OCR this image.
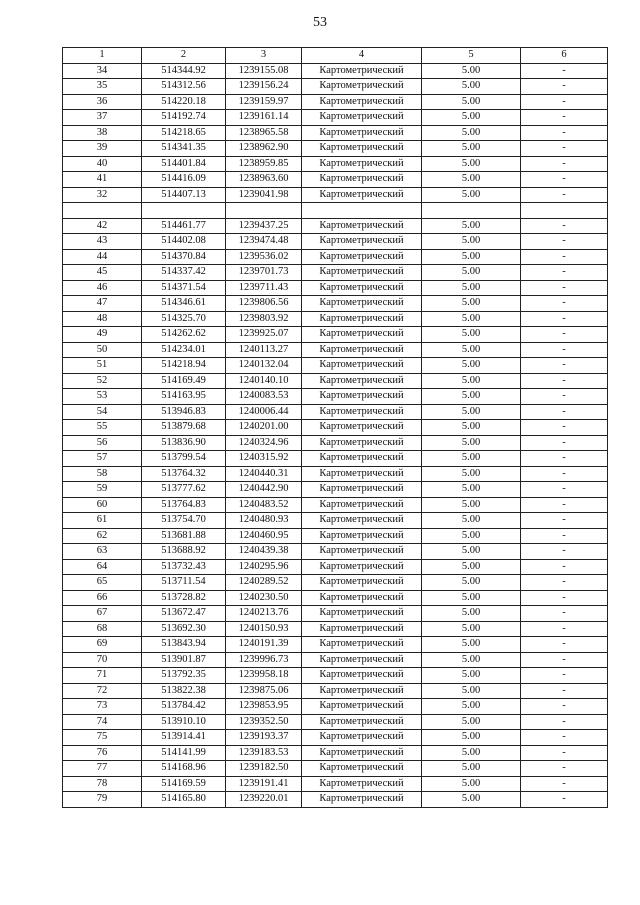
53
1	2	3	4	5	6
34	514344.92	1239155.08	Картометрический	5.00	-
35	514312.56	1239156.24	Картометрический	5.00	-
36	514220.18	1239159.97	Картометрический	5.00	-
37	514192.74	1239161.14	Картометрический	5.00	-
38	514218.65	1238965.58	Картометрический	5.00	-
39	514341.35	1238962.90	Картометрический	5.00	-
40	514401.84	1238959.85	Картометрический	5.00	-
41	514416.09	1238963.60	Картометрический	5.00	-
32	514407.13	1239041.98	Картометрический	5.00	-

42	514461.77	1239437.25	Картометрический	5.00	-
43	514402.08	1239474.48	Картометрический	5.00	-
44	514370.84	1239536.02	Картометрический	5.00	-
45	514337.42	1239701.73	Картометрический	5.00	-
46	514371.54	1239711.43	Картометрический	5.00	-
47	514346.61	1239806.56	Картометрический	5.00	-
48	514325.70	1239803.92	Картометрический	5.00	-
49	514262.62	1239925.07	Картометрический	5.00	-
50	514234.01	1240113.27	Картометрический	5.00	-
51	514218.94	1240132.04	Картометрический	5.00	-
52	514169.49	1240140.10	Картометрический	5.00	-
53	514163.95	1240083.53	Картометрический	5.00	-
54	513946.83	1240006.44	Картометрический	5.00	-
55	513879.68	1240201.00	Картометрический	5.00	-
56	513836.90	1240324.96	Картометрический	5.00	-
57	513799.54	1240315.92	Картометрический	5.00	-
58	513764.32	1240440.31	Картометрический	5.00	-
59	513777.62	1240442.90	Картометрический	5.00	-
60	513764.83	1240483.52	Картометрический	5.00	-
61	513754.70	1240480.93	Картометрический	5.00	-
62	513681.88	1240460.95	Картометрический	5.00	-
63	513688.92	1240439.38	Картометрический	5.00	-
64	513732.43	1240295.96	Картометрический	5.00	-
65	513711.54	1240289.52	Картометрический	5.00	-
66	513728.82	1240230.50	Картометрический	5.00	-
67	513672.47	1240213.76	Картометрический	5.00	-
68	513692.30	1240150.93	Картометрический	5.00	-
69	513843.94	1240191.39	Картометрический	5.00	-
70	513901.87	1239996.73	Картометрический	5.00	-
71	513792.35	1239958.18	Картометрический	5.00	-
72	513822.38	1239875.06	Картометрический	5.00	-
73	513784.42	1239853.95	Картометрический	5.00	-
74	513910.10	1239352.50	Картометрический	5.00	-
75	513914.41	1239193.37	Картометрический	5.00	-
76	514141.99	1239183.53	Картометрический	5.00	-
77	514168.96	1239182.50	Картометрический	5.00	-
78	514169.59	1239191.41	Картометрический	5.00	-
79	514165.80	1239220.01	Картометрический	5.00	-
